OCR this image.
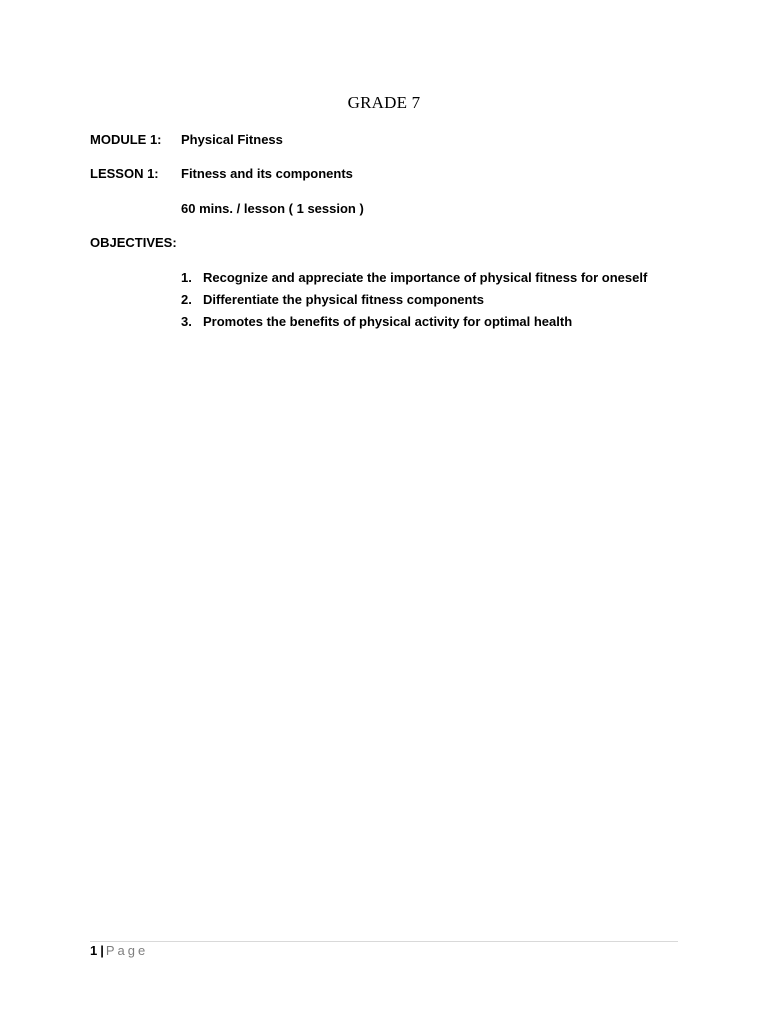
GRADE 7
MODULE 1: Physical Fitness
LESSON 1: Fitness and its components
60 mins. / lesson ( 1 session )
OBJECTIVES:
1. Recognize and appreciate the importance of physical fitness for oneself
2. Differentiate the physical fitness components
3. Promotes the benefits of physical activity for optimal health
1 | Page
